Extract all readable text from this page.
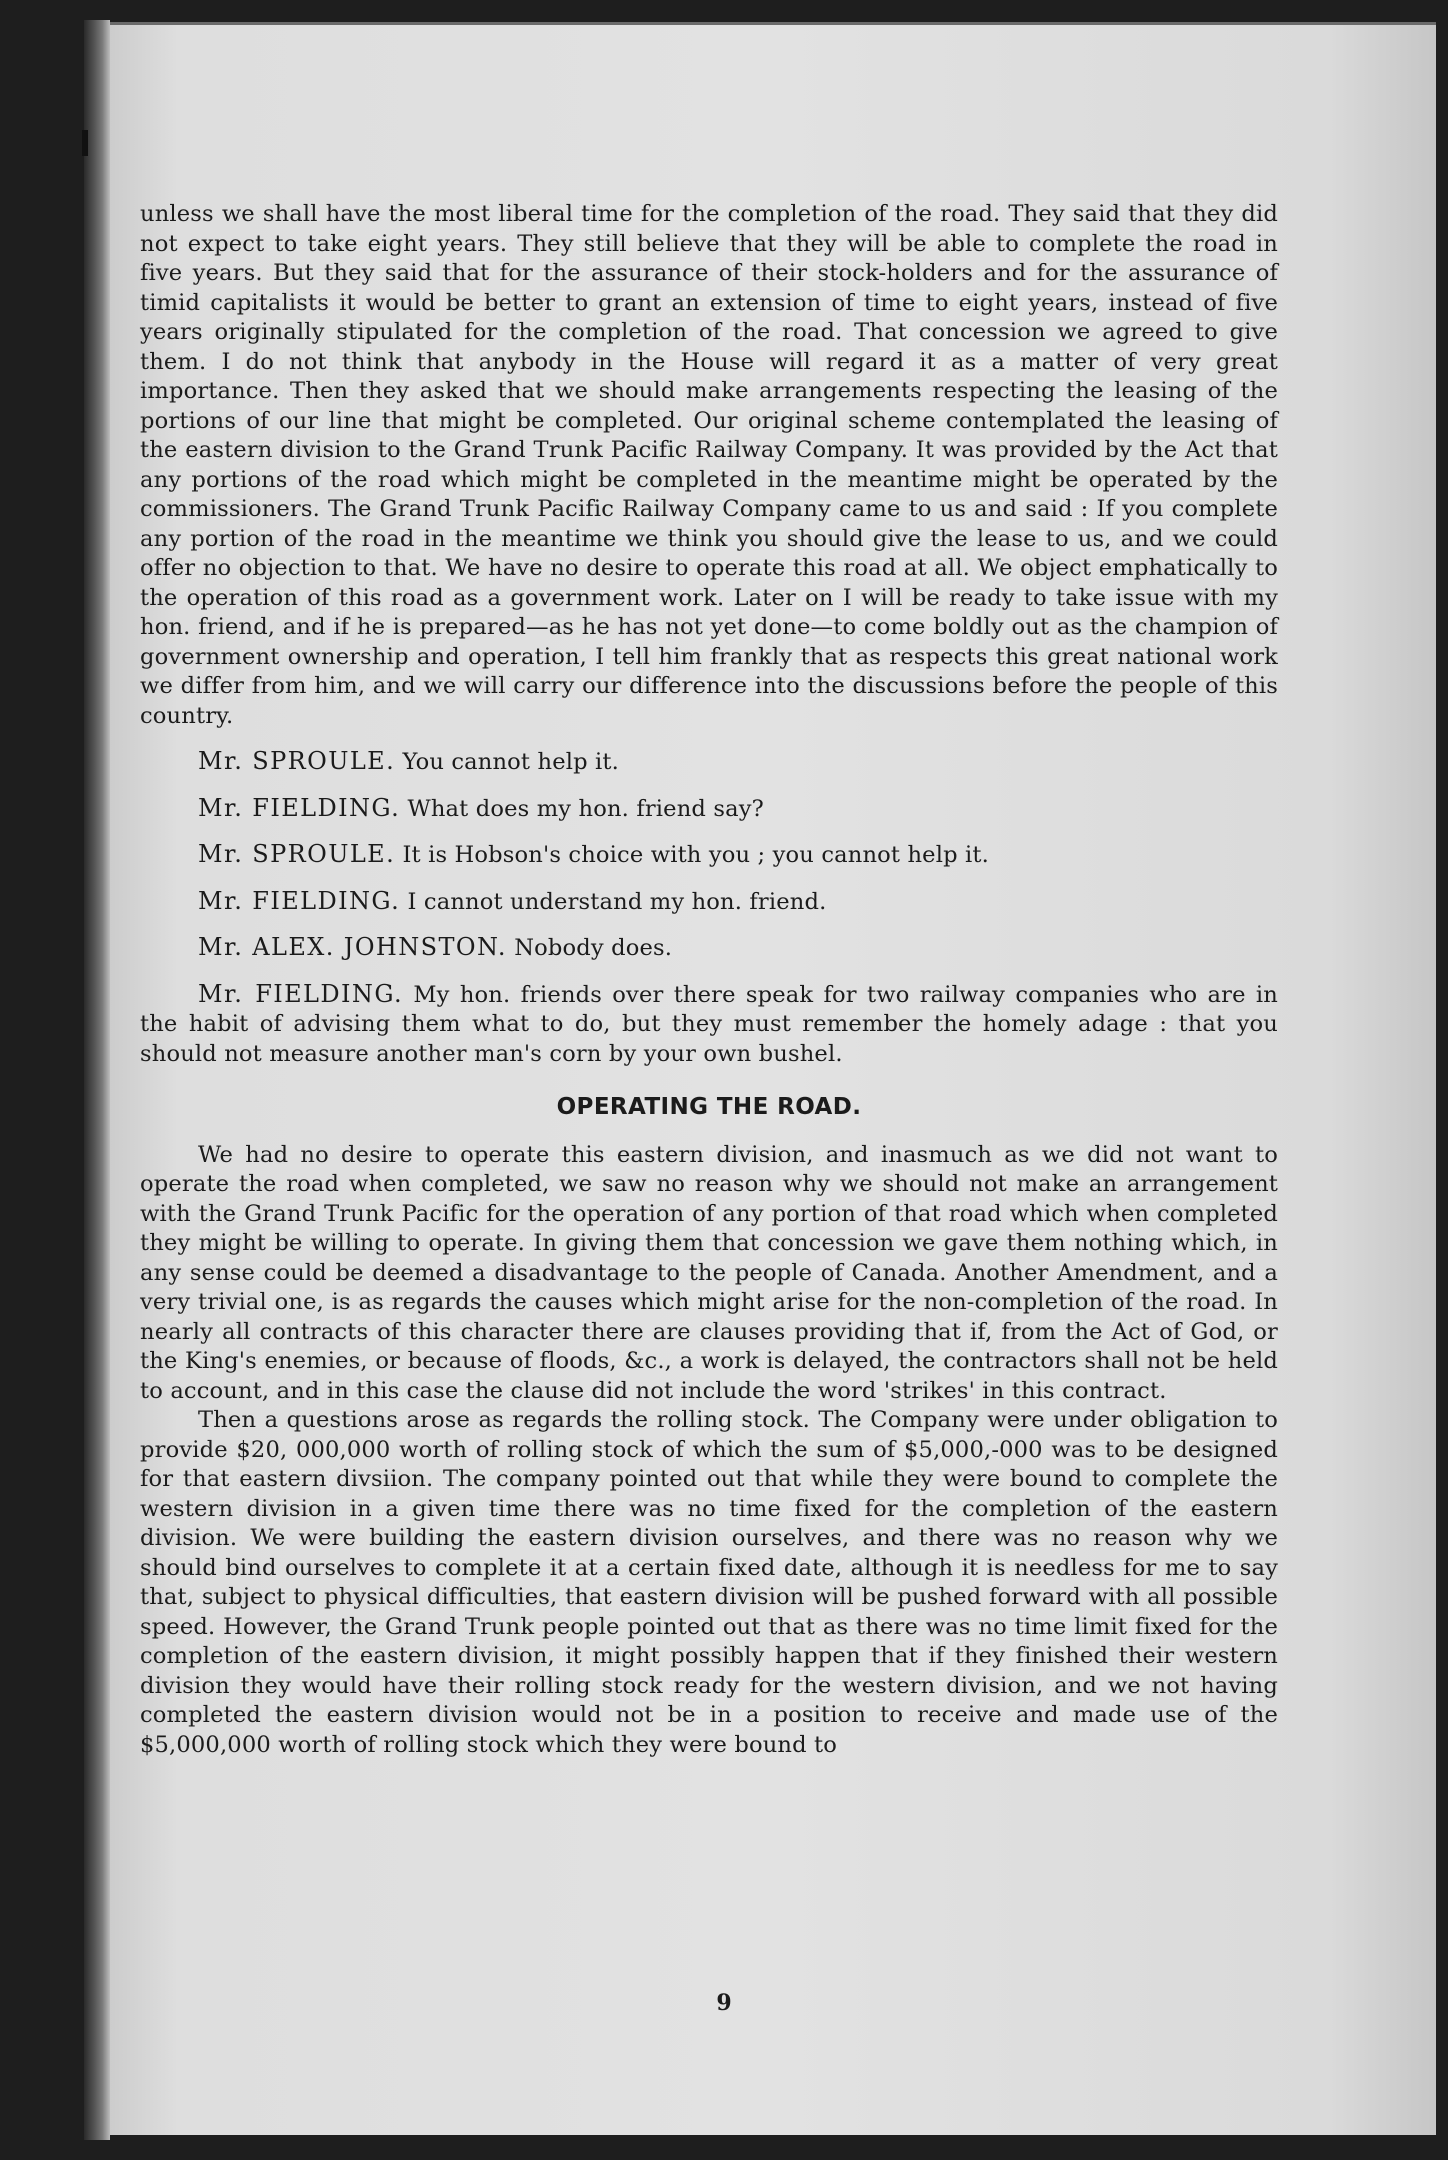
unless we shall have the most liberal time for the completion of the road. They said that they did not expect to take eight years. They still believe that they will be able to complete the road in five years. But they said that for the assurance of their stock-holders and for the assurance of timid capitalists it would be better to grant an extension of time to eight years, instead of five years originally stipulated for the completion of the road. That concession we agreed to give them. I do not think that anybody in the House will regard it as a matter of very great importance. Then they asked that we should make arrangements respecting the leasing of the portions of our line that might be completed. Our original scheme contemplated the leasing of the eastern division to the Grand Trunk Pacific Railway Company. It was provided by the Act that any portions of the road which might be completed in the meantime might be operated by the commissioners. The Grand Trunk Pacific Railway Company came to us and said : If you complete any portion of the road in the meantime we think you should give the lease to us, and we could offer no objection to that. We have no desire to operate this road at all. We object emphatically to the operation of this road as a government work. Later on I will be ready to take issue with my hon. friend, and if he is prepared—as he has not yet done—to come boldly out as the champion of government ownership and operation, I tell him frankly that as respects this great national work we differ from him, and we will carry our difference into the discussions before the people of this country.

Mr. SPROULE. You cannot help it.

Mr. FIELDING. What does my hon. friend say?

Mr. SPROULE. It is Hobson's choice with you ; you cannot help it.

Mr. FIELDING. I cannot understand my hon. friend.

Mr. ALEX. JOHNSTON. Nobody does.

Mr. FIELDING. My hon. friends over there speak for two railway companies who are in the habit of advising them what to do, but they must remember the homely adage : that you should not measure another man's corn by your own bushel.

OPERATING THE ROAD.

We had no desire to operate this eastern division, and inasmuch as we did not want to operate the road when completed, we saw no reason why we should not make an arrangement with the Grand Trunk Pacific for the operation of any portion of that road which when completed they might be willing to operate. In giving them that concession we gave them nothing which, in any sense could be deemed a disadvantage to the people of Canada. Another Amendment, and a very trivial one, is as regards the causes which might arise for the non-completion of the road. In nearly all contracts of this character there are clauses providing that if, from the Act of God, or the King's enemies, or because of floods, &c., a work is delayed, the contractors shall not be held to account, and in this case the clause did not include the word 'strikes' in this contract.

Then a questions arose as regards the rolling stock. The Company were under obligation to provide $20, 000,000 worth of rolling stock of which the sum of $5,000,-000 was to be designed for that eastern divsiion. The company pointed out that while they were bound to complete the western division in a given time there was no time fixed for the completion of the eastern division. We were building the eastern division ourselves, and there was no reason why we should bind ourselves to complete it at a certain fixed date, although it is needless for me to say that, subject to physical difficulties, that eastern division will be pushed forward with all possible speed. However, the Grand Trunk people pointed out that as there was no time limit fixed for the completion of the eastern division, it might possibly happen that if they finished their western division they would have their rolling stock ready for the western division, and we not having completed the eastern division would not be in a position to receive and made use of the $5,000,000 worth of rolling stock which they were bound to

9
